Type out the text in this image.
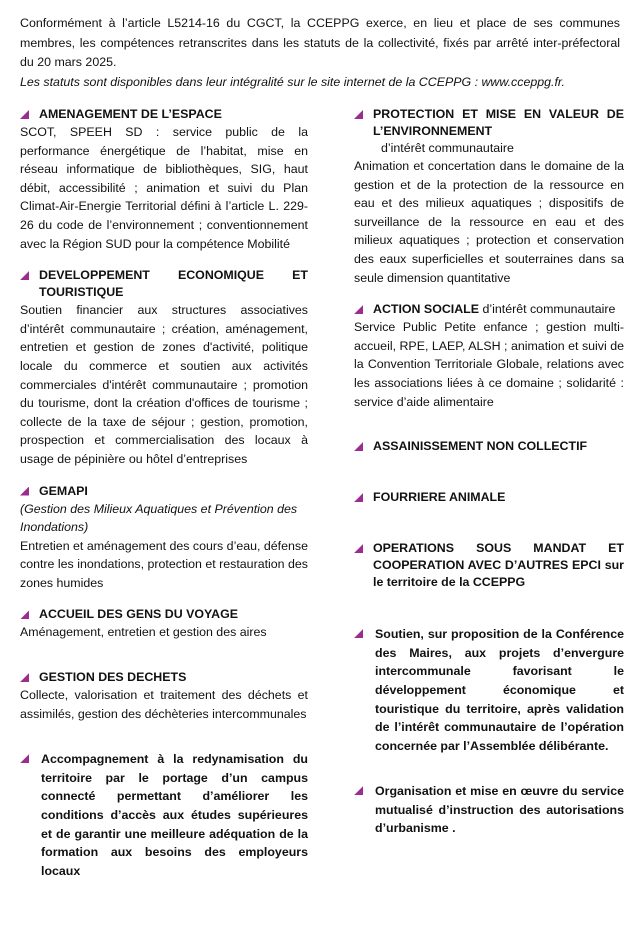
Conformément à l’article L5214-16 du CGCT, la CCEPPG exerce, en lieu et place de ses communes membres, les compétences retranscrites dans les statuts de la collectivité, fixés par arrêté inter-préfectoral du 20 mars 2025.

Les statuts sont disponibles dans leur intégralité sur le site internet de la CCEPPG : www.cceppg.fr.

AMENAGEMENT DE L’ESPACE

SCOT, SPEEH SD : service public de la performance énergétique de l’habitat, mise en réseau informatique de bibliothèques, SIG, haut débit, accessibilité ; animation et suivi du Plan Climat-Air-Energie Territorial défini à l’article L. 229-26 du code de l’environnement ; conventionnement avec la Région SUD pour la compétence Mobilité

DEVELOPPEMENT ECONOMIQUE ET TOURISTIQUE

Soutien financier aux structures associatives d’intérêt communautaire ; création, aménagement, entretien et gestion de zones d'activité, politique locale du commerce et soutien aux activités commerciales d'intérêt communautaire ; promotion du tourisme, dont la création d'offices de tourisme ; collecte de la taxe de séjour ; gestion, promotion, prospection et commercialisation des locaux à usage de pépinière ou hôtel d’entreprises

GEMAPI

(Gestion des Milieux Aquatiques et Prévention des Inondations)

Entretien et aménagement des cours d’eau, défense contre les inondations, protection et restauration des zones humides

ACCUEIL DES GENS DU VOYAGE

Aménagement, entretien et gestion des aires

GESTION DES DECHETS

Collecte, valorisation et traitement des déchets et assimilés, gestion des déchèteries intercommunales

Accompagnement à la redynamisation du territoire par le portage d’un campus connecté permettant d’améliorer les conditions d’accès aux études supérieures et de garantir une meilleure adéquation de la formation aux besoins des employeurs locaux

PROTECTION ET MISE EN VALEUR DE L’ENVIRONNEMENT

d’intérêt communautaire

Animation et concertation dans le domaine de la gestion et de la protection de la ressource en eau et des milieux aquatiques ; dispositifs de surveillance de la ressource en eau et des milieux aquatiques ; protection et conservation des eaux superficielles et souterraines dans sa seule dimension quantitative

ACTION SOCIALE d’intérêt communautaire

Service Public Petite enfance ; gestion multi-accueil, RPE, LAEP, ALSH ; animation et suivi de la Convention Territoriale Globale, relations avec les associations liées à ce domaine ; solidarité : service d’aide alimentaire

ASSAINISSEMENT NON COLLECTIF

FOURRIERE ANIMALE

OPERATIONS SOUS MANDAT ET COOPERATION AVEC D’AUTRES EPCI sur le territoire de la CCEPPG

Soutien, sur proposition de la Conférence des Maires, aux projets d’envergure intercommunale favorisant le développement économique et touristique du territoire, après validation de l’intérêt communautaire de l’opération concernée par l’Assemblée délibérante.

Organisation et mise en œuvre du service mutualisé d’instruction des autorisations d’urbanisme .
